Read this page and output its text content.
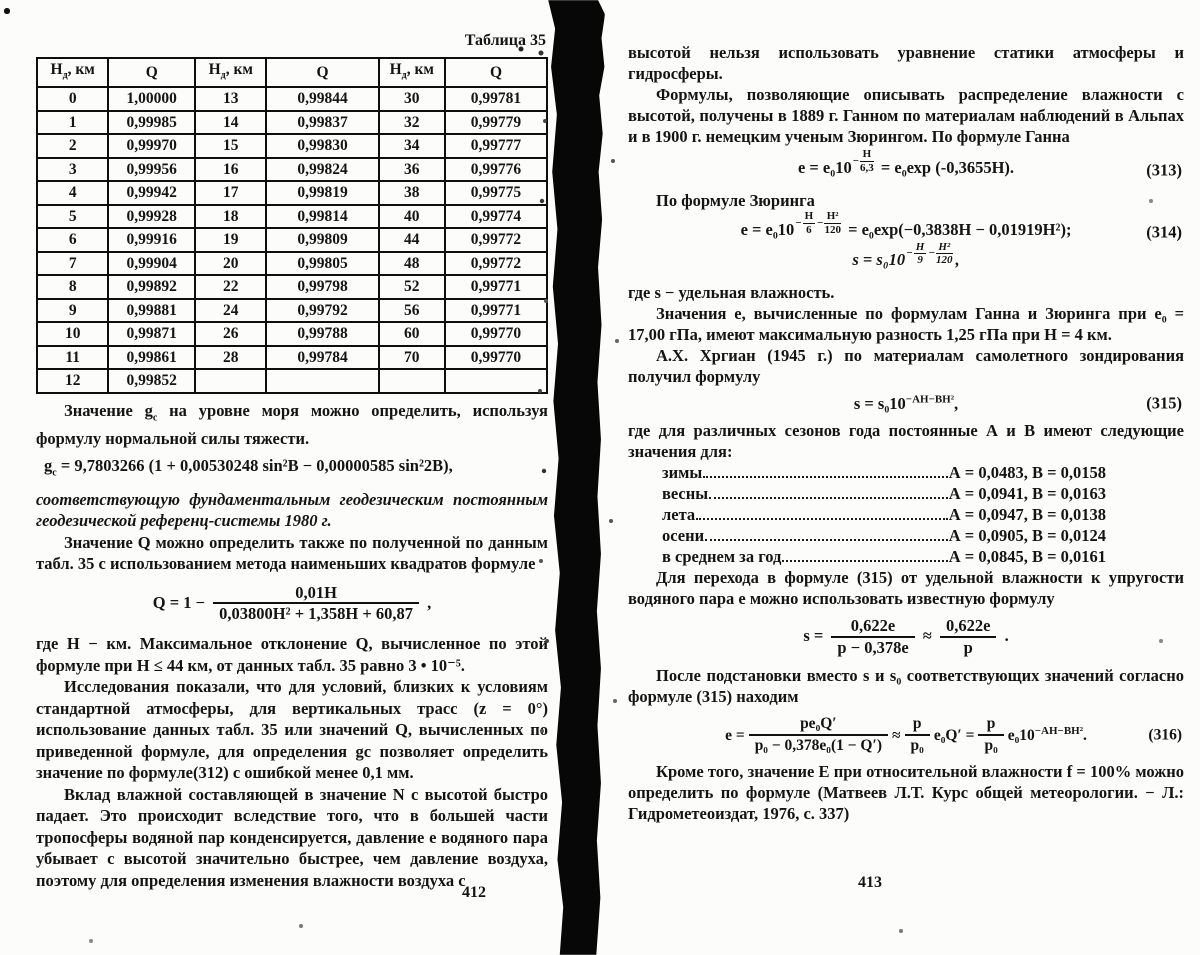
Таблица 35
$Н_д$, км	Q	$Н_д$, км	Q	$Н_д$, км	Q
0	1,00000	13	0,99844	30	0,99781
1	0,99985	14	0,99837	32	0,99779
2	0,99970	15	0,99830	34	0,99777
3	0,99956	16	0,99824	36	0,99776
4	0,99942	17	0,99819	38	0,99775
5	0,99928	18	0,99814	40	0,99774
6	0,99916	19	0,99809	44	0,99772
7	0,99904	20	0,99805	48	0,99772
8	0,99892	22	0,99798	52	0,99771
9	0,99881	24	0,99792	56	0,99771
10	0,99871	26	0,99788	60	0,99770
11	0,99861	28	0,99784	70	0,99770
12	0,99852				

Значение $g_с$ на уровне моря можно определить, используя формулу нормальной силы тяжести.

$g_с = 9,7803266$ (1 + 0,00530248 sin²B − 0,00000585 sin²2B),

соответствующую фундаментальным геодезическим постоянным геодезической референц-системы 1980 г.

Значение Q можно определить также по полученной по данным табл. 35 с использованием метода наименьших квадратов формуле

$Q = 1 - \frac{0,01Н}{\text{0,03800Н² + 1,358Н + 60,87}}$ ,

где Н − км. Максимальное отклонение Q, вычисленное по этой формуле при Н ≤ 44 км, от данных табл. 35 равно 3 • 10⁻⁵.

Исследования показали, что для условий, близких к условиям стандартной атмосферы, для вертикальных трасс (z = 0°) использование данных табл. 35 или значений Q, вычисленных по приведенной формуле, для определения gс позволяет определить значение по формуле(312) с ошибкой менее 0,1 мм.

Вклад влажной составляющей в значение N с высотой быстро падает. Это происходит вследствие того, что в большей части тропосферы водяной пар конденсируется, давление е водяного пара убывает с высотой значительно быстрее, чем давление воздуха, поэтому для определения изменения влажности воздуха с

высотой нельзя использовать уравнение статики атмосферы и гидросферы.

Формулы, позволяющие описывать распределение влажности с высотой, получены в 1889 г. Ганном по материалам наблюдений в Альпах и в 1900 г. немецким ученым Зюрингом. По формуле Ганна

е = е₀10 −
Н
6,3 = е₀ехр (-0,3655Н).	(313)

По формуле Зюринга

е = е₀10 −
Н
6
−
Н²
120 = е₀ехр(−0,3838Н − 0,01919Н²);	(314)
s = s₀10 −
Н
9
−
Н²
120 ,

где s − удельная влажность.

Значения е, вычисленные по формулам Ганна и Зюринга при е₀ = 17,00 гПа, имеют максимальную разность 1,25 гПа при Н = 4 км.

А.Х. Хргиан (1945 г.) по материалам самолетного зондирования получил формулу

$s = s_010^{-АН-ВН^2}$,	(315)

где для различных сезонов года постоянные А и В имеют следующие значения для:

зимы	А = 0,0483, В = 0,0158
весны	А = 0,0941, В = 0,0163
лета	А = 0,0947, В = 0,0138
осени	А = 0,0905, В = 0,0124
в среднем за год	А = 0,0845, В = 0,0161

Для перехода в формуле (315) от удельной влажности к упругости водяного пара е можно использовать известную формулу

$s = \frac{0,622е}{р - 0,378е} \approx \frac{0,622е}{р}$ .

После подстановки вместо s и s₀ соответствующих значений согласно формуле (315) находим

$е = \frac{\text{ре₀Q′}}{\text{р₀ − 0,378е₀(1 − Q′)}} \approx \frac{р}{\text{р₀}} е_0Q' = \frac{р}{\text{р₀}} е_010^{-АН-ВН^2}$.	(316)

Кроме того, значение Е при относительной влажности f = 100% можно определить по формуле (Матвеев Л.Т. Курс общей метеорологии. − Л.: Гидрометеоиздат, 1976, с. 337)

412
413
